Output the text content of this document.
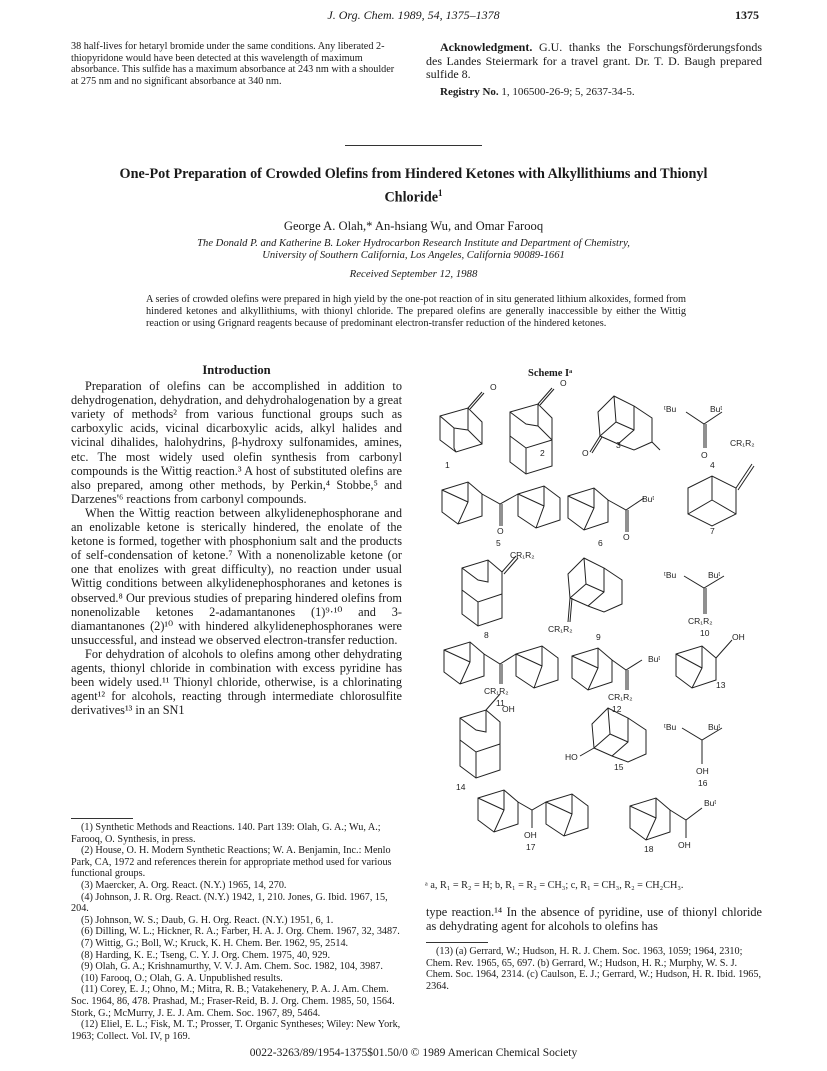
J. Org. Chem. 1989, 54, 1375–1378	1375
38 half-lives for hetaryl bromide under the same conditions. Any liberated 2-thiopyridone would have been detected at this wavelength of maximum absorbance. This sulfide has a maximum absorbance at 243 nm with a shoulder at 275 nm and no significant absorbance at 340 nm.
Acknowledgment. G.U. thanks the Forschungsförderungsfonds des Landes Steiermark for a travel grant. Dr. T. D. Baugh prepared sulfide 8.
Registry No. 1, 106500-26-9; 5, 2637-34-5.
One-Pot Preparation of Crowded Olefins from Hindered Ketones with Alkyllithiums and Thionyl Chloride$^1$
George A. Olah,* An-hsiang Wu, and Omar Farooq
The Donald P. and Katherine B. Loker Hydrocarbon Research Institute and Department of Chemistry,
University of Southern California, Los Angeles, California 90089-1661
Received September 12, 1988
A series of crowded olefins were prepared in high yield by the one-pot reaction of in situ generated lithium alkoxides, formed from hindered ketones and alkyllithiums, with thionyl chloride. The prepared olefins are generally inaccessible by either the Wittig reaction or using Grignard reagents because of predominant electron-transfer reduction of the hindered ketones.
Introduction
Preparation of olefins can be accomplished in addition to dehydrogenation, dehydration, and dehydrohalogenation by a great variety of methods² from various functional groups such as carboxylic acids, vicinal dicarboxylic acids, alkyl halides and vicinal dihalides, halohydrins, β-hydroxy sulfonamides, amines, etc. The most widely used olefin synthesis from carbonyl compounds is the Wittig reaction.³ A host of substituted olefins are also prepared, among other methods, by Perkin,⁴ Stobbe,⁵ and Darzenes'⁶ reactions from carbonyl compounds.
When the Wittig reaction between alkylidenephosphorane and an enolizable ketone is sterically hindered, the enolate of the ketone is formed, together with phosphonium salt and the products of self-condensation of ketone.⁷ With a nonenolizable ketone (or one that enolizes with great difficulty), no reaction under usual Wittig conditions between alkylidenephosphoranes and ketones is observed.⁸ Our previous studies of preparing hindered olefins from nonenolizable ketones 2-adamantanones (1)⁹·¹⁰ and 3-diamantanones (2)¹⁰ with hindered alkylidenephosphoranes were unsuccessful, and instead we observed electron-transfer reduction.
For dehydration of alcohols to olefins among other dehydrating agents, thionyl chloride in combination with excess pyridine has been widely used.¹¹ Thionyl chloride, otherwise, is a chlorinating agent¹² for alcohols, reacting through intermediate chlorosulfite derivatives¹³ in an SN1
(1) Synthetic Methods and Reactions. 140. Part 139: Olah, G. A.; Wu, A.; Farooq, O. Synthesis, in press.
(2) House, O. H. Modern Synthetic Reactions; W. A. Benjamin, Inc.: Menlo Park, CA, 1972 and references therein for appropriate method used for various functional groups.
(3) Maercker, A. Org. React. (N.Y.) 1965, 14, 270.
(4) Johnson, J. R. Org. React. (N.Y.) 1942, 1, 210. Jones, G. Ibid. 1967, 15, 204.
(5) Johnson, W. S.; Daub, G. H. Org. React. (N.Y.) 1951, 6, 1.
(6) Dilling, W. L.; Hickner, R. A.; Farber, H. A. J. Org. Chem. 1967, 32, 3487.
(7) Wittig, G.; Boll, W.; Kruck, K. H. Chem. Ber. 1962, 95, 2514.
(8) Harding, K. E.; Tseng, C. Y. J. Org. Chem. 1975, 40, 929.
(9) Olah, G. A.; Krishnamurthy, V. V. J. Am. Chem. Soc. 1982, 104, 3987.
(10) Farooq, O.; Olah, G. A. Unpublished results.
(11) Corey, E. J.; Ohno, M.; Mitra, R. B.; Vatakehenery, P. A. J. Am. Chem. Soc. 1964, 86, 478. Prashad, M.; Fraser-Reid, B. J. Org. Chem. 1985, 50, 1564. Stork, G.; McMurry, J. E. J. Am. Chem. Soc. 1967, 89, 5464.
(12) Eliel, E. L.; Fisk, M. T.; Prosser, T. Organic Syntheses; Wiley: New York, 1963; Collect. Vol. IV, p 169.
Scheme Iᵃ
O	O
O
ᵗBu	Buᵗ
O
1
2
3
4
CR₁R₂
O
5
Buᵗ
O
6
7
CR₁R₂
8
CR₁R₂
9
ᵗBu	Buᵗ
CR₁R₂
10
CR₁R₂
11
Buᵗ
CR₁R₂
12
OH
13
OH
14
HO
15
ᵗBu	Buᵗ
OH
16
OH
17
Buᵗ
OH
18
ᵃ a, R₁ = R₂ = H; b, R₁ = R₂ = CH₃; c, R₁ = CH₃, R₂ = CH₂CH₃.
type reaction.¹⁴ In the absence of pyridine, use of thionyl chloride as dehydrating agent for alcohols to olefins has
(13) (a) Gerrard, W.; Hudson, H. R. J. Chem. Soc. 1963, 1059; 1964, 2310; Chem. Rev. 1965, 65, 697. (b) Gerrard, W.; Hudson, H. R.; Murphy, W. S. J. Chem. Soc. 1964, 2314. (c) Caulson, E. J.; Gerrard, W.; Hudson, H. R. Ibid. 1965, 2364.
0022-3263/89/1954-1375$01.50/0 © 1989 American Chemical Society
